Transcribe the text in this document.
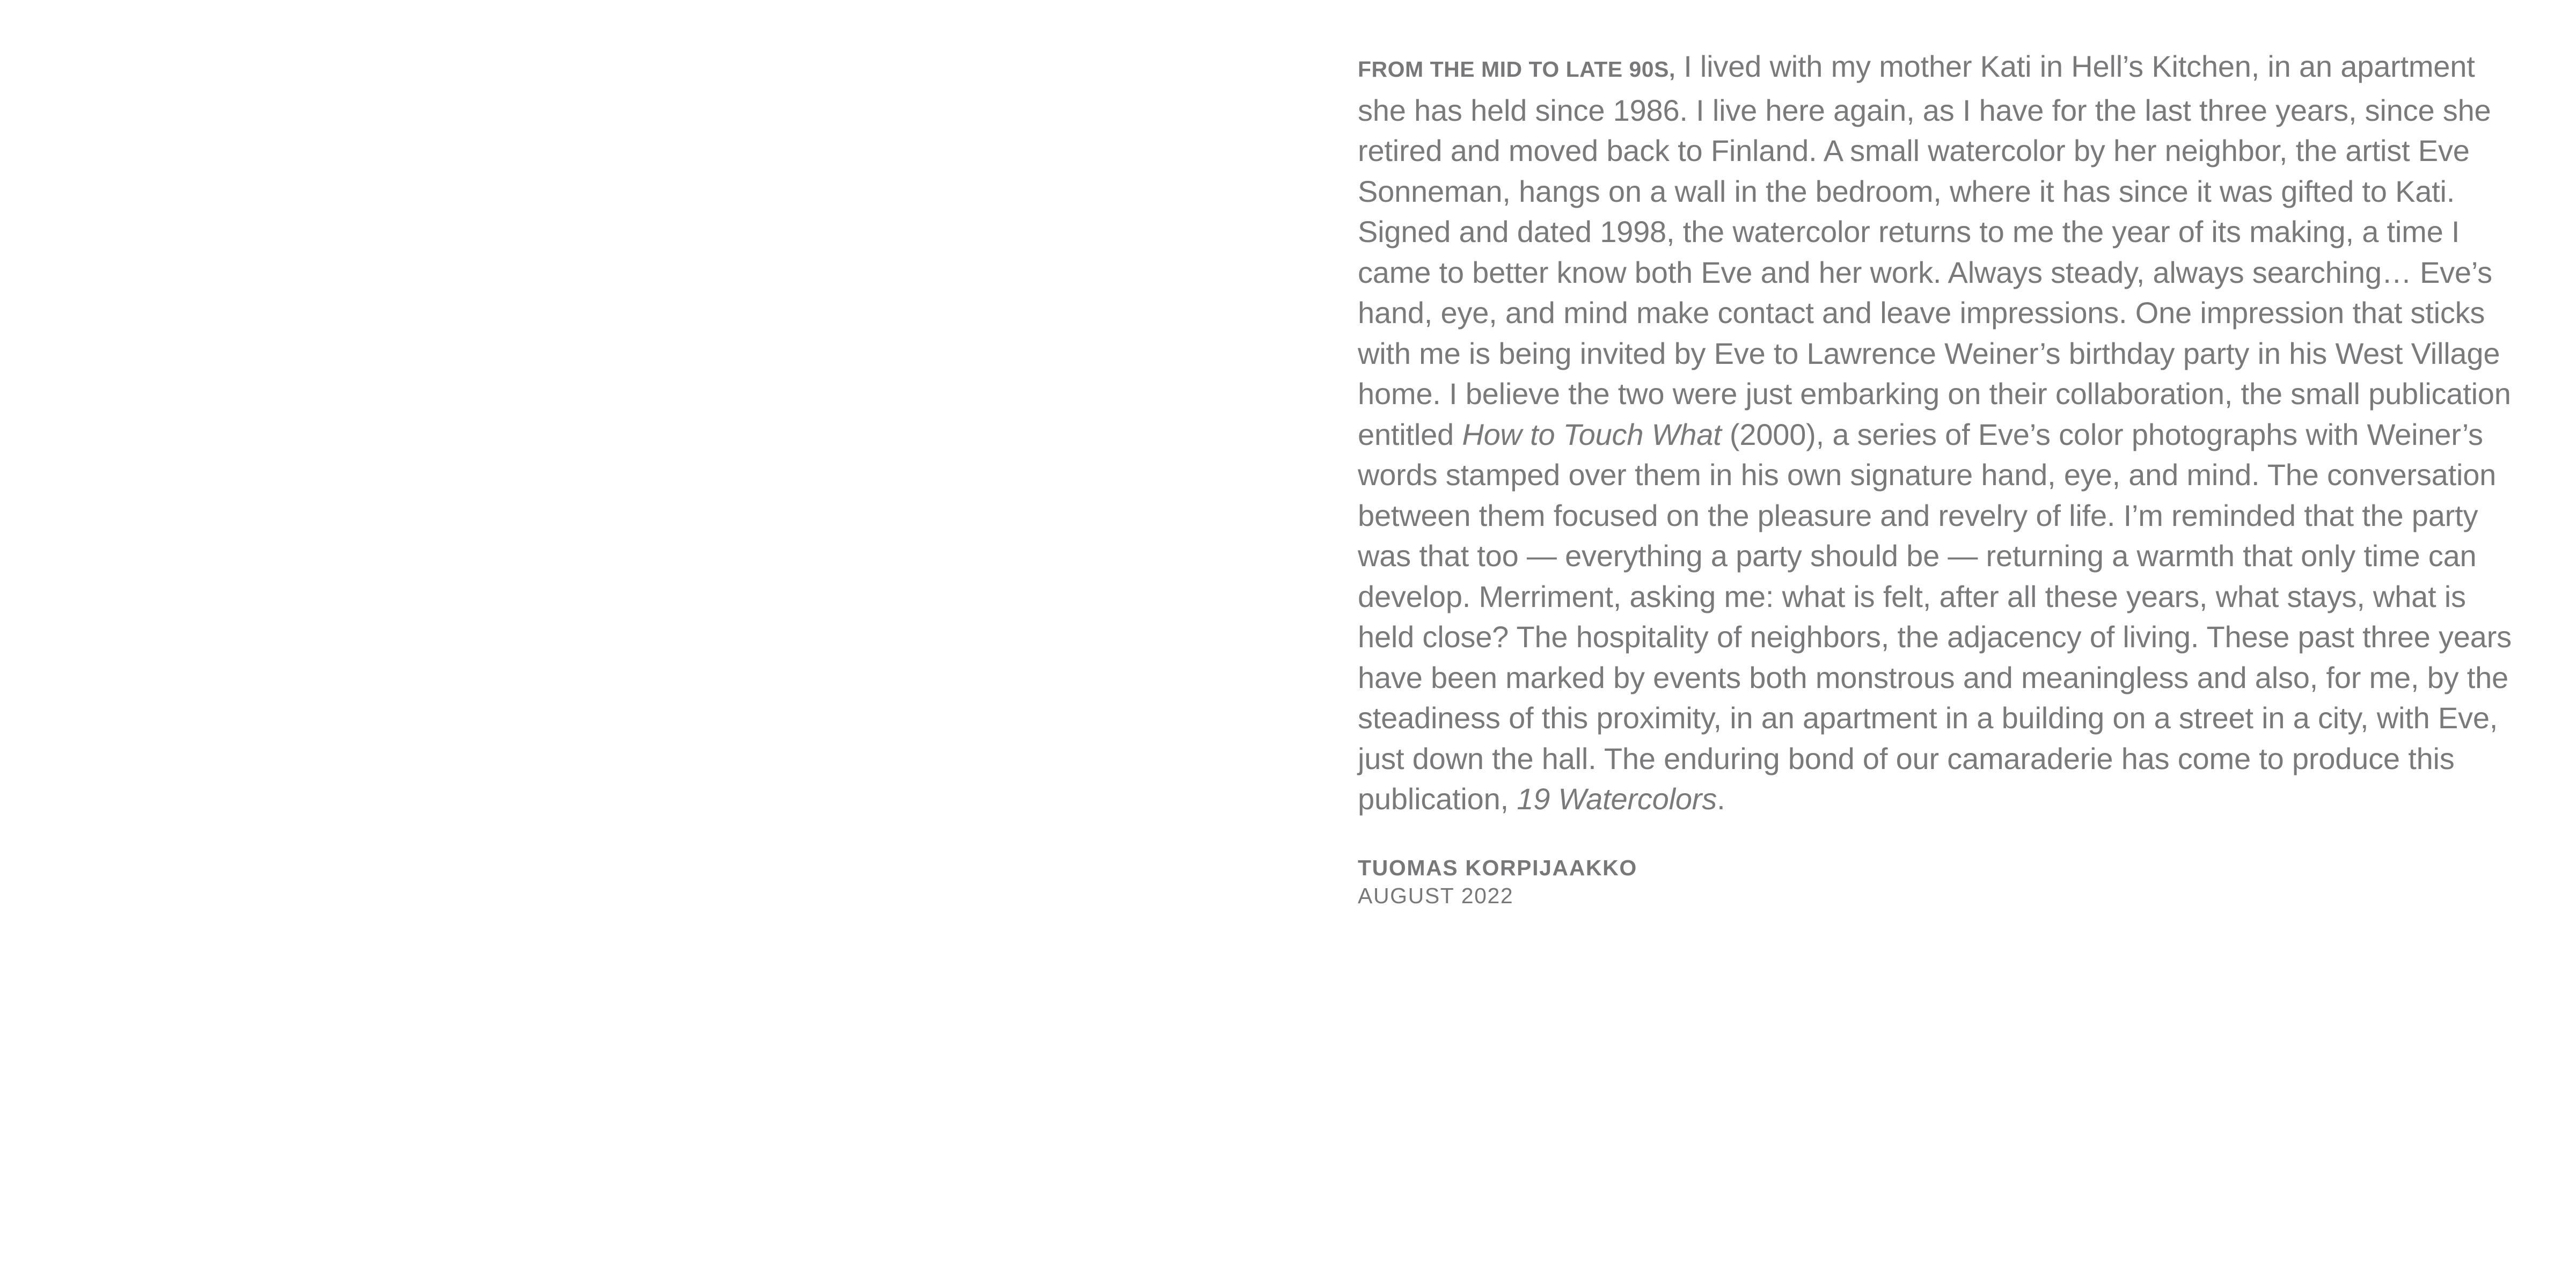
FROM THE MID TO LATE 90S, I lived with my mother Kati in Hell’s Kitchen, in an apartment she has held since 1986. I live here again, as I have for the last three years, since she retired and moved back to Finland. A small watercolor by her neighbor, the artist Eve Sonneman, hangs on a wall in the bedroom, where it has since it was gifted to Kati. Signed and dated 1998, the watercolor returns to me the year of its making, a time I came to better know both Eve and her work. Always steady, always searching… Eve’s hand, eye, and mind make contact and leave impressions. One impression that sticks with me is being invited by Eve to Lawrence Weiner’s birthday party in his West Village home. I believe the two were just embarking on their collaboration, the small publication entitled How to Touch What (2000), a series of Eve’s color photographs with Weiner’s words stamped over them in his own signature hand, eye, and mind. The conversation between them focused on the pleasure and revelry of life. I’m reminded that the party was that too — everything a party should be — returning a warmth that only time can develop. Merriment, asking me: what is felt, after all these years, what stays, what is held close? The hospitality of neighbors, the adjacency of living. These past three years have been marked by events both monstrous and meaningless and also, for me, by the steadiness of this proximity, in an apartment in a building on a street in a city, with Eve, just down the hall. The enduring bond of our camaraderie has come to produce this publication, 19 Watercolors.

TUOMAS KORPIJAAKKO
AUGUST 2022
